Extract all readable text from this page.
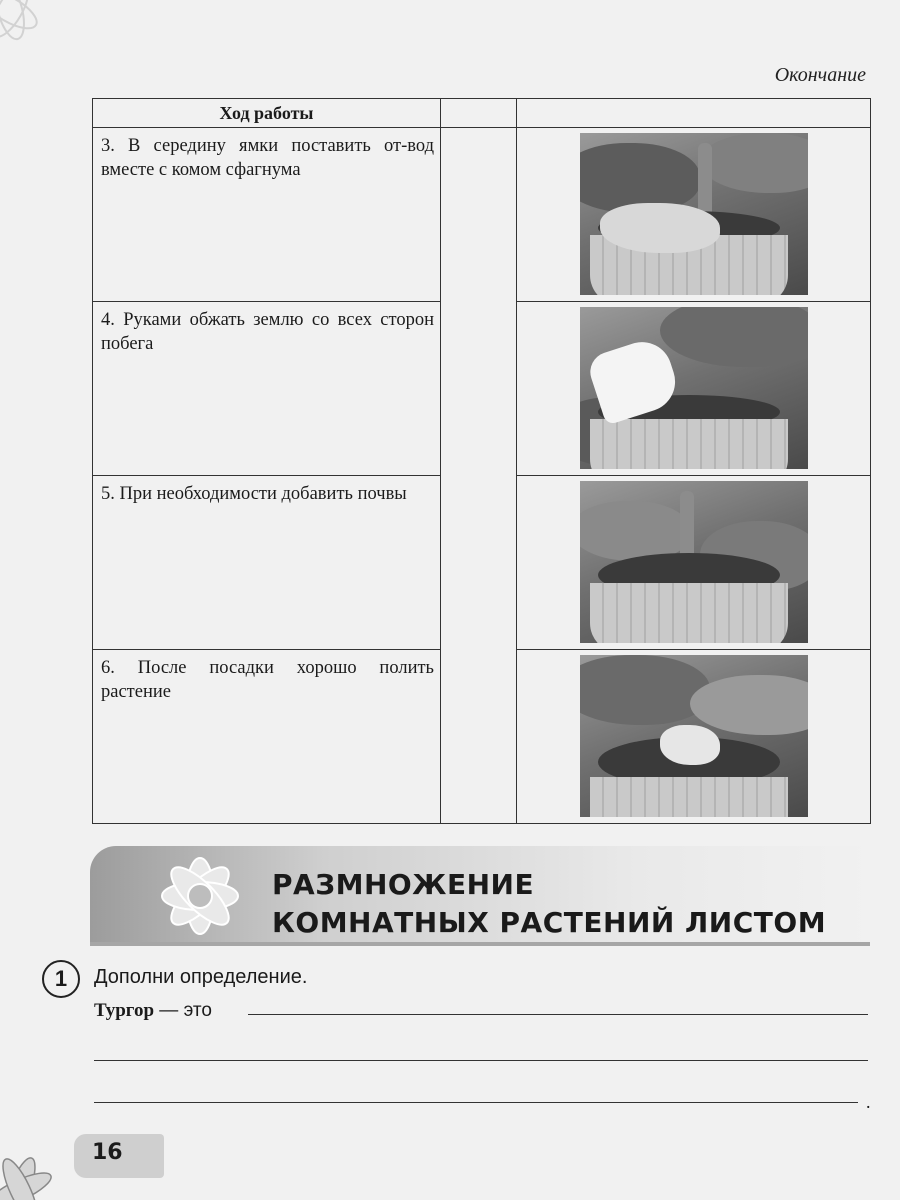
Окончание
Ход работы		

3. В середину ямки поставить от-вод вместе с комом сфагнума		

4. Руками обжать землю со всех сторон побега		

5. При необходимости добавить почвы		

6. После посадки хорошо полить растение		

РАЗМНОЖЕНИЕ
КОМНАТНЫХ РАСТЕНИЙ ЛИСТОМ
1	Дополни определение.
Тургор — это
.
16
